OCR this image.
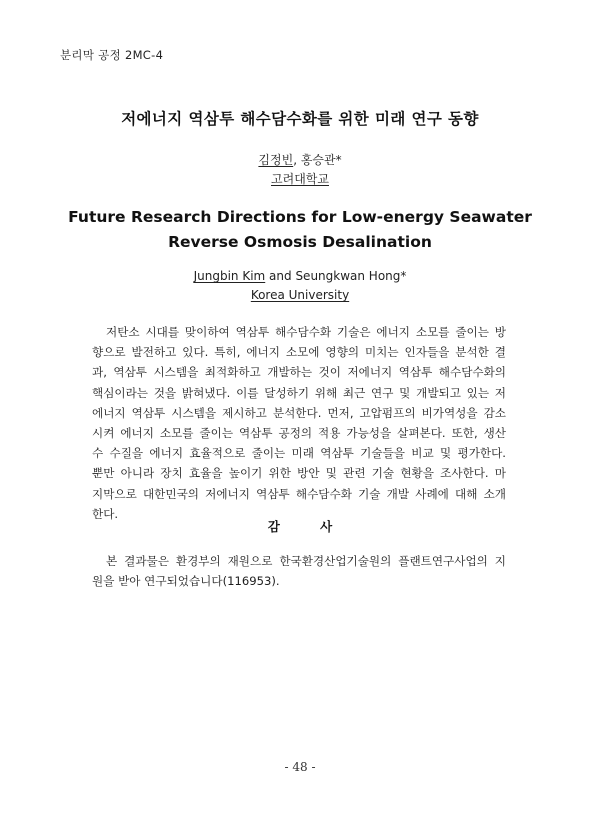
분리막 공정 2MC-4
저에너지 역삼투 해수담수화를 위한 미래 연구 동향
김정빈, 홍승관*
고려대학교
Future Research Directions for Low-energy Seawater
Reverse Osmosis Desalination
Jungbin Kim and Seungkwan Hong*
Korea University
저탄소 시대를 맞이하여 역삼투 해수담수화 기술은 에너지 소모를 줄이는 방
향으로 발전하고 있다. 특히, 에너지 소모에 영향의 미치는 인자들을 분석한 결
과, 역삼투 시스템을 최적화하고 개발하는 것이 저에너지 역삼투 해수담수화의
핵심이라는 것을 밝혀냈다. 이를 달성하기 위해 최근 연구 및 개발되고 있는 저
에너지 역삼투 시스템을 제시하고 분석한다. 먼저, 고압펌프의 비가역성을 감소
시켜 에너지 소모를 줄이는 역삼투 공정의 적용 가능성을 살펴본다. 또한, 생산
수 수질을 에너지 효율적으로 줄이는 미래 역삼투 기술들을 비교 및 평가한다.
뿐만 아니라 장치 효율을 높이기 위한 방안 및 관련 기술 현황을 조사한다. 마
지막으로 대한민국의 저에너지 역삼투 해수담수화 기술 개발 사례에 대해 소개
한다.
감 사
본 결과물은 환경부의 재원으로 한국환경산업기술원의 플랜트연구사업의 지
원을 받아 연구되었습니다(116953).
- 48 -
